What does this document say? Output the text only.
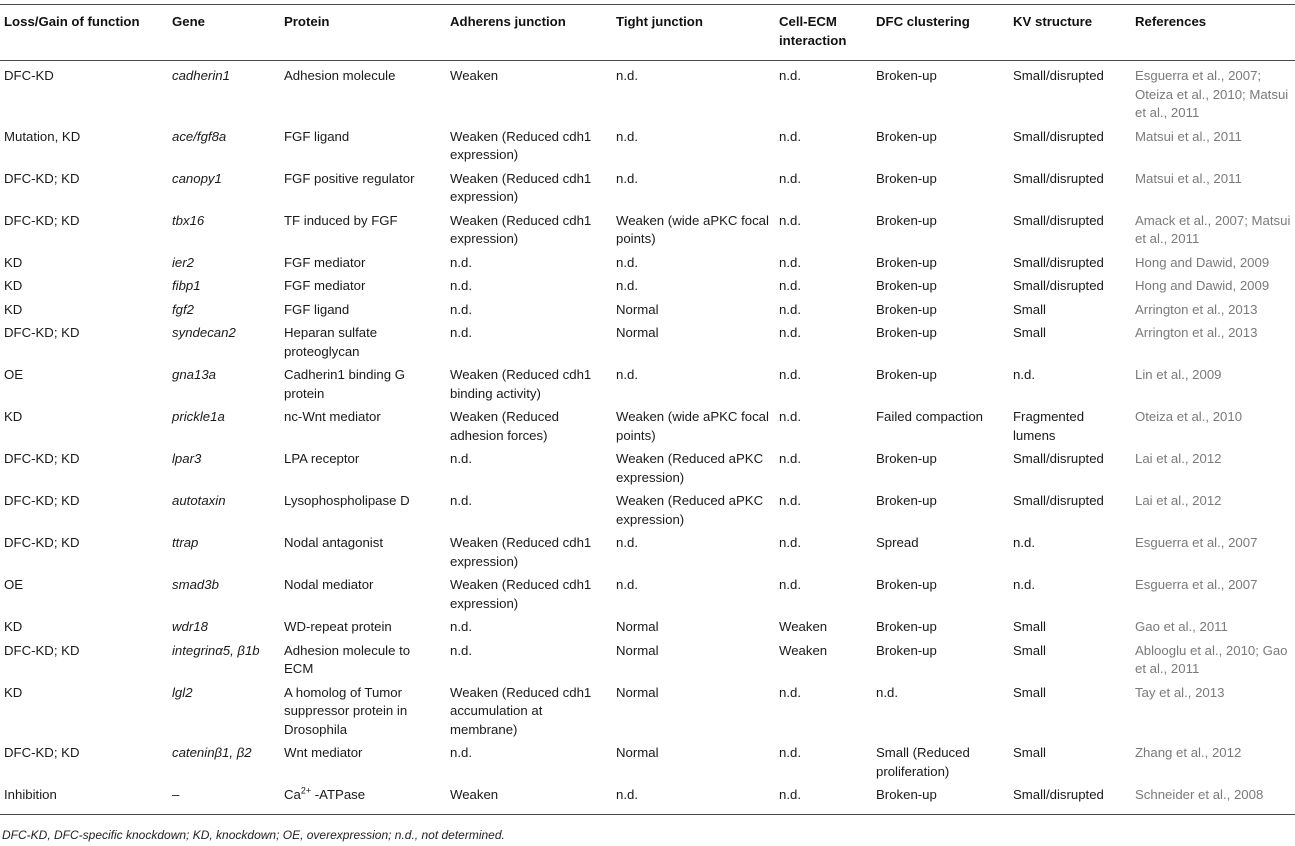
Loss/Gain of function	Gene	Protein	Adherens junction	Tight junction	Cell-ECM interaction	DFC clustering	KV structure	References
DFC-KD	cadherin1	Adhesion molecule	Weaken	n.d.	n.d.	Broken-up	Small/disrupted	Esguerra et al., 2007; Oteiza et al., 2010; Matsui et al., 2011
Mutation, KD	ace/fgf8a	FGF ligand	Weaken (Reduced cdh1 expression)	n.d.	n.d.	Broken-up	Small/disrupted	Matsui et al., 2011
DFC-KD; KD	canopy1	FGF positive regulator	Weaken (Reduced cdh1 expression)	n.d.	n.d.	Broken-up	Small/disrupted	Matsui et al., 2011
DFC-KD; KD	tbx16	TF induced by FGF	Weaken (Reduced cdh1 expression)	Weaken (wide aPKC focal points)	n.d.	Broken-up	Small/disrupted	Amack et al., 2007; Matsui et al., 2011
KD	ier2	FGF mediator	n.d.	n.d.	n.d.	Broken-up	Small/disrupted	Hong and Dawid, 2009
KD	fibp1	FGF mediator	n.d.	n.d.	n.d.	Broken-up	Small/disrupted	Hong and Dawid, 2009
KD	fgf2	FGF ligand	n.d.	Normal	n.d.	Broken-up	Small	Arrington et al., 2013
DFC-KD; KD	syndecan2	Heparan sulfate proteoglycan	n.d.	Normal	n.d.	Broken-up	Small	Arrington et al., 2013
OE	gna13a	Cadherin1 binding G protein	Weaken (Reduced cdh1 binding activity)	n.d.	n.d.	Broken-up	n.d.	Lin et al., 2009
KD	prickle1a	nc-Wnt mediator	Weaken (Reduced adhesion forces)	Weaken (wide aPKC focal points)	n.d.	Failed compaction	Fragmented lumens	Oteiza et al., 2010
DFC-KD; KD	lpar3	LPA receptor	n.d.	Weaken (Reduced aPKC expression)	n.d.	Broken-up	Small/disrupted	Lai et al., 2012
DFC-KD; KD	autotaxin	Lysophospholipase D	n.d.	Weaken (Reduced aPKC expression)	n.d.	Broken-up	Small/disrupted	Lai et al., 2012
DFC-KD; KD	ttrap	Nodal antagonist	Weaken (Reduced cdh1 expression)	n.d.	n.d.	Spread	n.d.	Esguerra et al., 2007
OE	smad3b	Nodal mediator	Weaken (Reduced cdh1 expression)	n.d.	n.d.	Broken-up	n.d.	Esguerra et al., 2007
KD	wdr18	WD-repeat protein	n.d.	Normal	Weaken	Broken-up	Small	Gao et al., 2011
DFC-KD; KD	integrinα5, β1b	Adhesion molecule to ECM	n.d.	Normal	Weaken	Broken-up	Small	Ablooglu et al., 2010; Gao et al., 2011
KD	lgl2	A homolog of Tumor suppressor protein in Drosophila	Weaken (Reduced cdh1 accumulation at membrane)	Normal	n.d.	n.d.	Small	Tay et al., 2013
DFC-KD; KD	cateninβ1, β2	Wnt mediator	n.d.	Normal	n.d.	Small (Reduced proliferation)	Small	Zhang et al., 2012
Inhibition	–	$Ca^{2+}$ -ATPase	Weaken	n.d.	n.d.	Broken-up	Small/disrupted	Schneider et al., 2008
DFC-KD, DFC-specific knockdown; KD, knockdown; OE, overexpression; n.d., not determined.
